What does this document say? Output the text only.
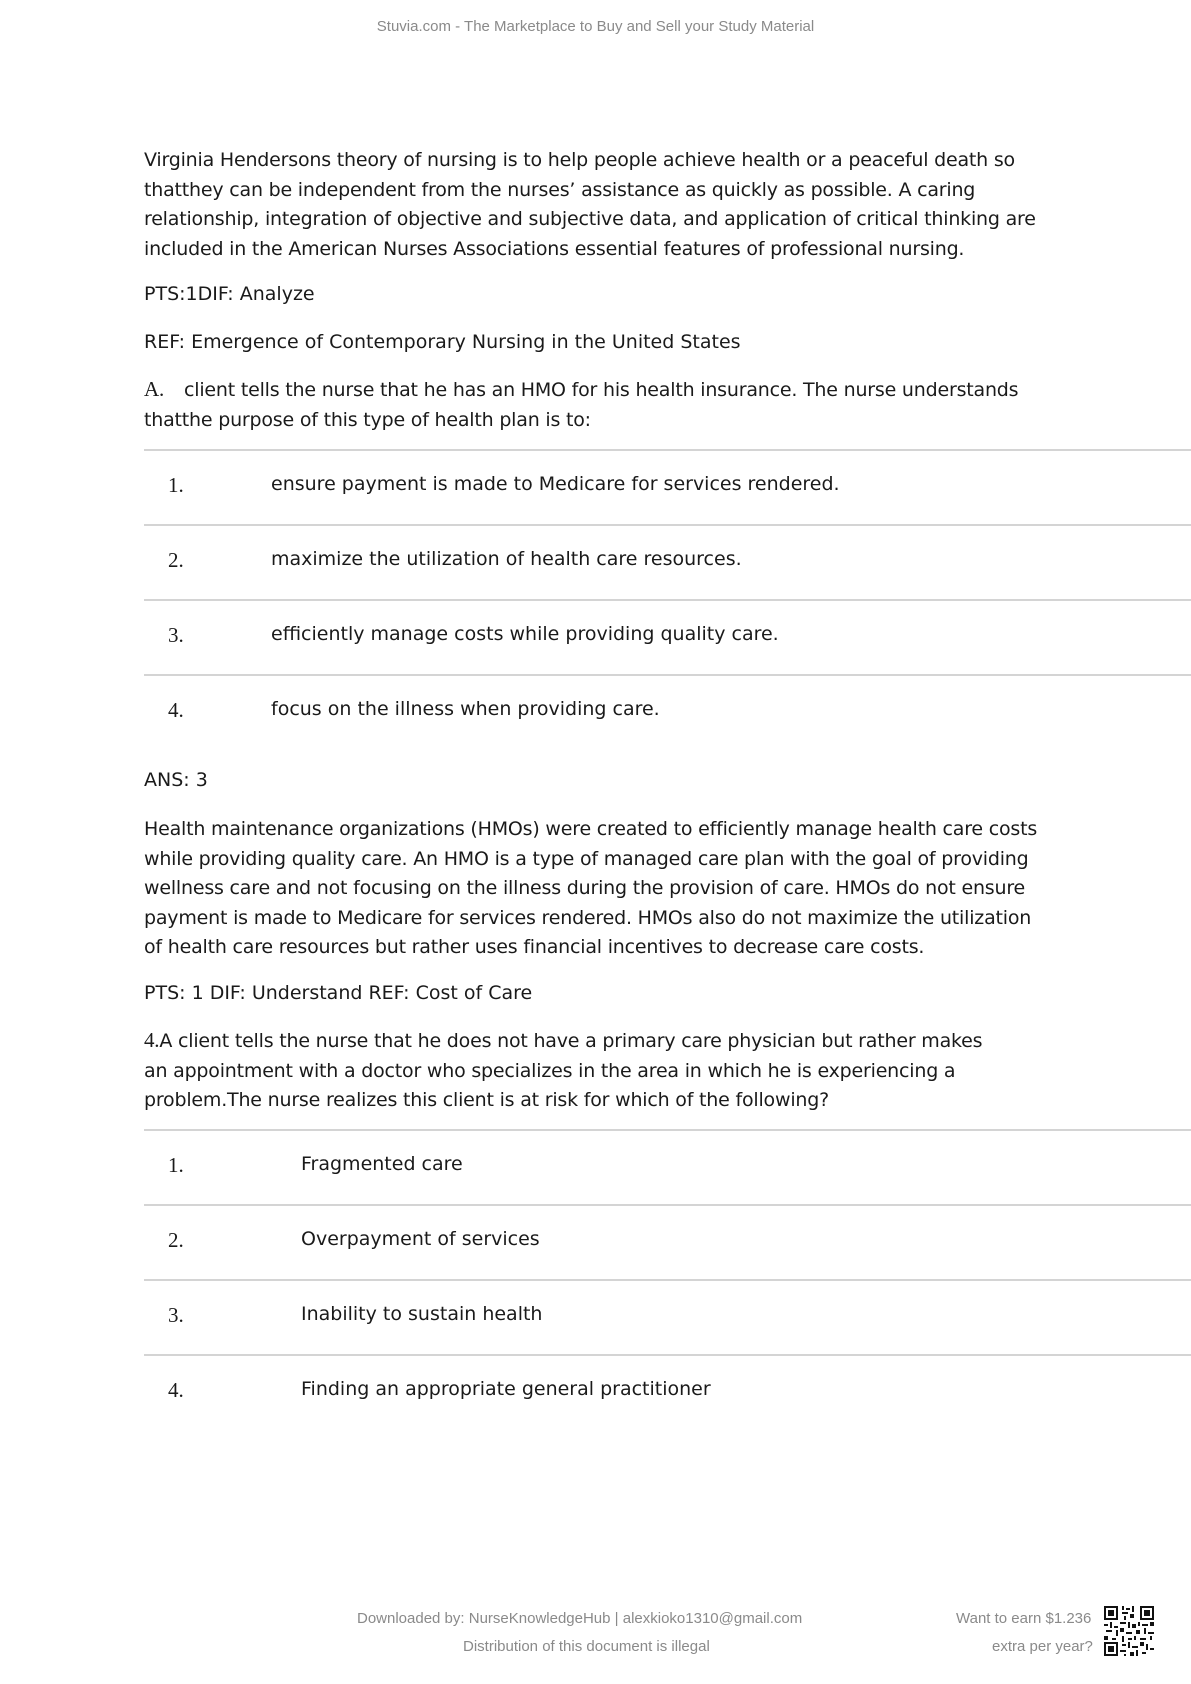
Stuvia.com - The Marketplace to Buy and Sell your Study Material
Virginia Hendersons theory of nursing is to help people achieve health or a peaceful death so
thatthey can be independent from the nurses’ assistance as quickly as possible. A caring
relationship, integration of objective and subjective data, and application of critical thinking are
included in the American Nurses Associations essential features of professional nursing.
PTS:1DIF: Analyze
REF: Emergence of Contemporary Nursing in the United States
A. client tells the nurse that he has an HMO for his health insurance. The nurse understands
thatthe purpose of this type of health plan is to:
1.	ensure payment is made to Medicare for services rendered.
2.	maximize the utilization of health care resources.
3.	efficiently manage costs while providing quality care.
4.	focus on the illness when providing care.
ANS: 3
Health maintenance organizations (HMOs) were created to efficiently manage health care costs
while providing quality care. An HMO is a type of managed care plan with the goal of providing
wellness care and not focusing on the illness during the provision of care. HMOs do not ensure
payment is made to Medicare for services rendered. HMOs also do not maximize the utilization
of health care resources but rather uses financial incentives to decrease care costs.
PTS: 1 DIF: Understand REF: Cost of Care
4.A client tells the nurse that he does not have a primary care physician but rather makes
an appointment with a doctor who specializes in the area in which he is experiencing a
problem.The nurse realizes this client is at risk for which of the following?
1.	Fragmented care
2.	Overpayment of services
3.	Inability to sustain health
4.	Finding an appropriate general practitioner
Downloaded by: NurseKnowledgeHub | alexkioko1310@gmail.com
Distribution of this document is illegal
Want to earn $1.236
extra per year?
